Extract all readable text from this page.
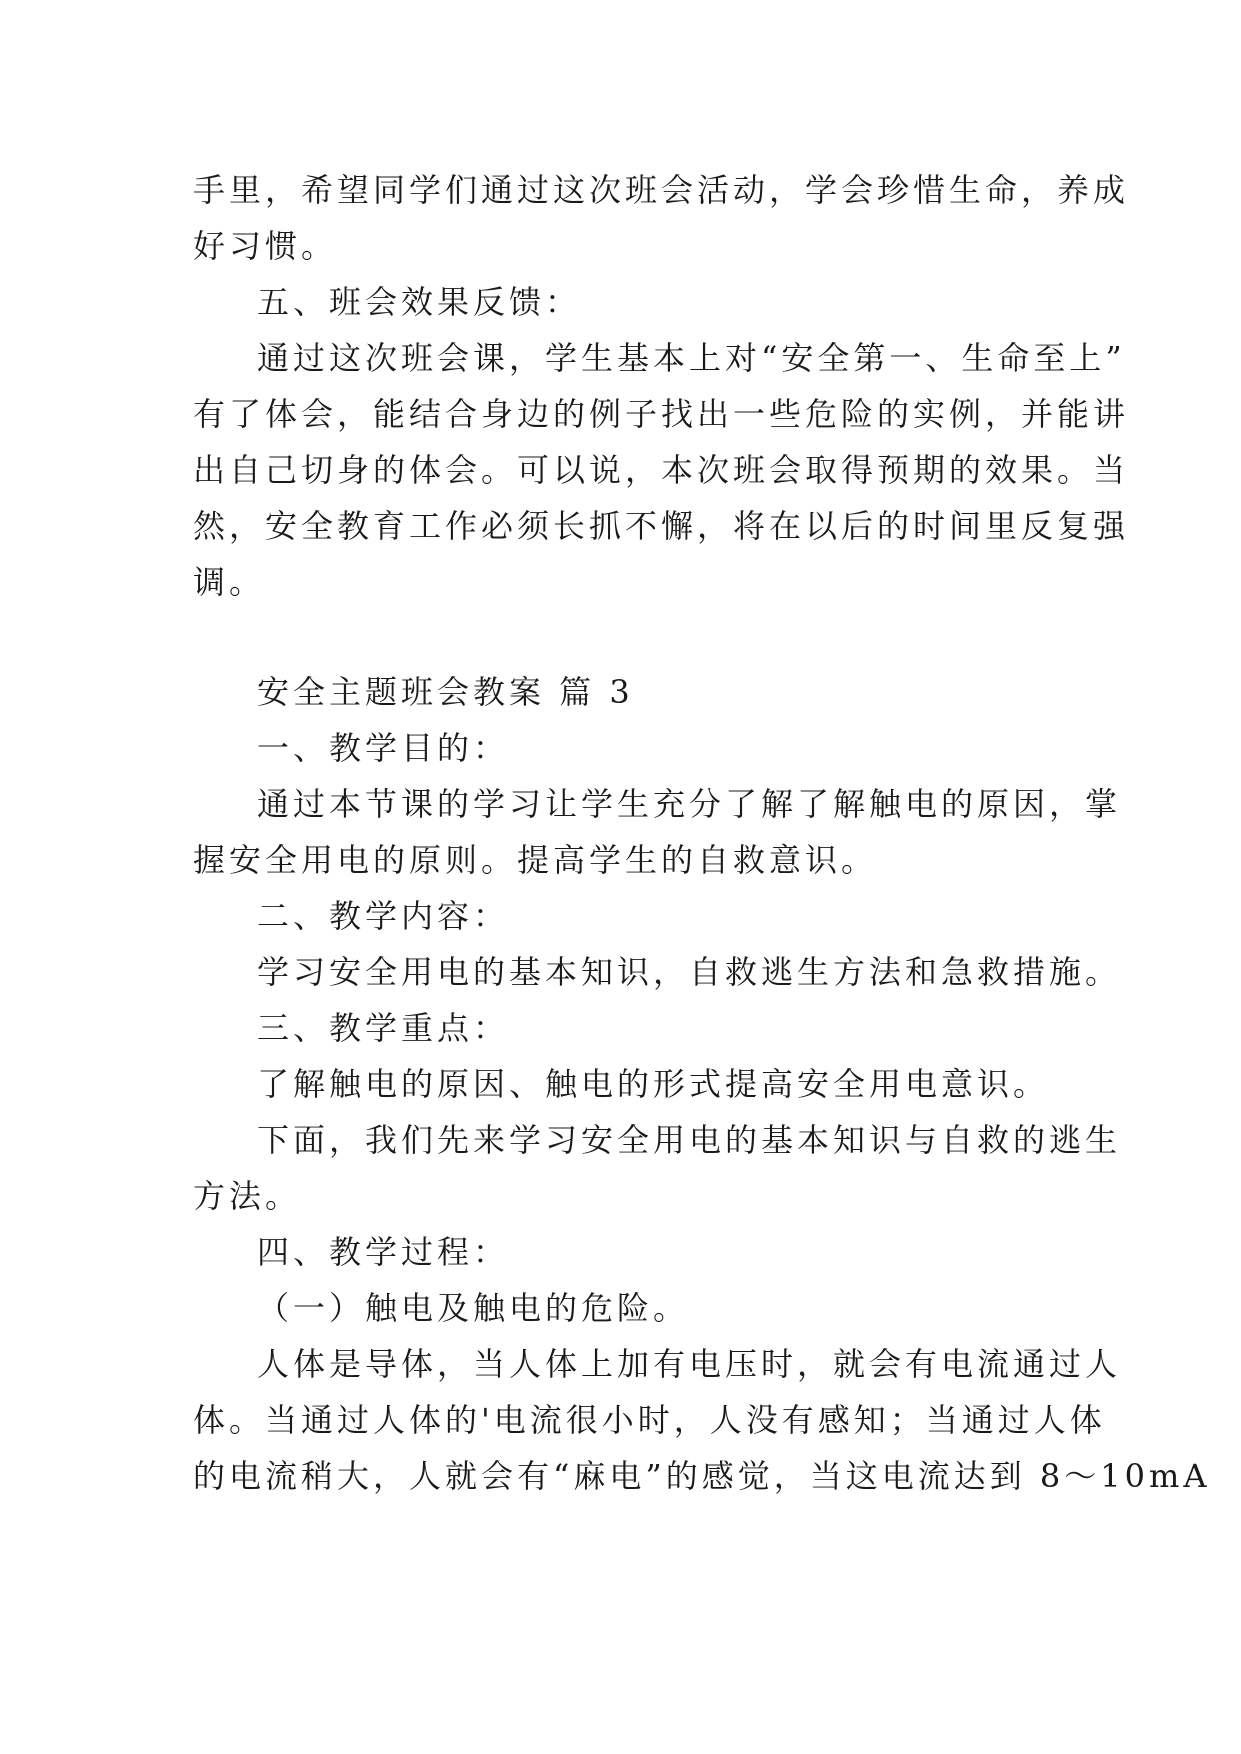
手里，希望同学们通过这次班会活动，学会珍惜生命，养成
好习惯。
五、班会效果反馈：
通过这次班会课，学生基本上对“安全第一、生命至上”
有了体会，能结合身边的例子找出一些危险的实例，并能讲
出自己切身的体会。可以说，本次班会取得预期的效果。当
然，安全教育工作必须长抓不懈，将在以后的时间里反复强
调。
安全主题班会教案 篇 3
一、教学目的：
通过本节课的学习让学生充分了解了解触电的原因，掌
握安全用电的原则。提高学生的自救意识。
二、教学内容：
学习安全用电的基本知识，自救逃生方法和急救措施。
三、教学重点：
了解触电的原因、触电的形式提高安全用电意识。
下面，我们先来学习安全用电的基本知识与自救的逃生
方法。
四、教学过程：
（一）触电及触电的危险。
人体是导体，当人体上加有电压时，就会有电流通过人
体。当通过人体的'电流很小时，人没有感知；当通过人体
的电流稍大，人就会有“麻电”的感觉，当这电流达到 8～10mA
